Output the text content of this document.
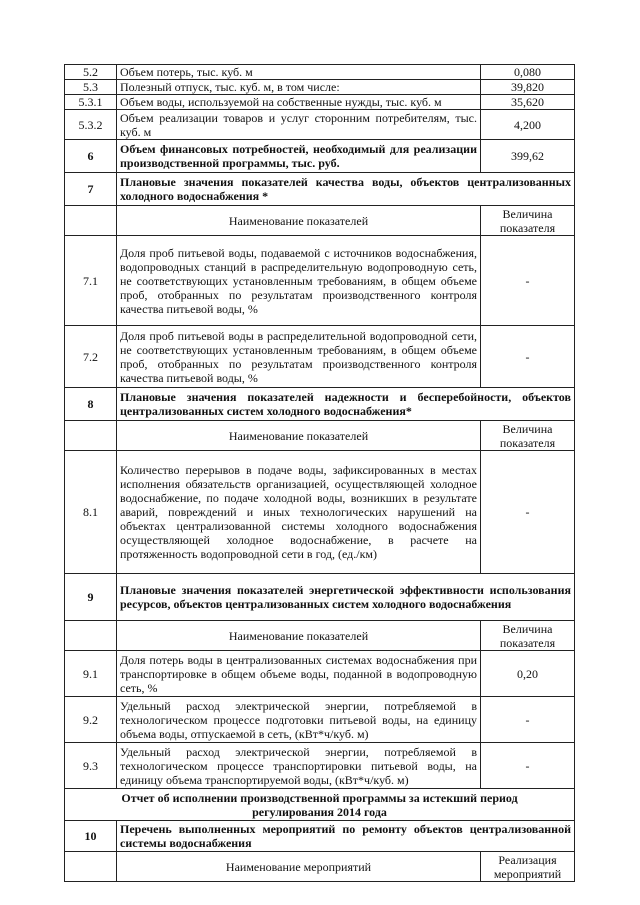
5.2	Объем потерь, тыс. куб. м	0,080
5.3	Полезный отпуск, тыс. куб. м, в том числе:	39,820
5.3.1	Объем воды, используемой на собственные нужды, тыс. куб. м	35,620
5.3.2	Объем реализации товаров и услуг сторонним потребителям, тыс. куб. м	4,200
6	Объем финансовых потребностей, необходимый для реализации производственной программы, тыс. руб.	399,62
7	Плановые значения показателей качества воды, объектов централизованных холодного водоснабжения *	
	Наименование показателей	Величина показателя
7.1	Доля проб питьевой воды, подаваемой с источников водоснабжения, водопроводных станций в распределительную водопроводную сеть, не соответствующих установленным требованиям, в общем объеме проб, отобранных по результатам производственного контроля качества питьевой воды, %	-
7.2	Доля проб питьевой воды в распределительной водопроводной сети, не соответствующих установленным требованиям, в общем объеме проб, отобранных по результатам производственного контроля качества питьевой воды, %	-
8	Плановые значения показателей надежности и бесперебойности, объектов централизованных систем холодного водоснабжения*	
	Наименование показателей	Величина показателя
8.1	Количество перерывов в подаче воды, зафиксированных в местах исполнения обязательств организацией, осуществляющей холодное водоснабжение, по подаче холодной воды, возникших в результате аварий, повреждений и иных технологических нарушений на объектах централизованной системы холодного водоснабжения осуществляющей холодное водоснабжение, в расчете на протяженность водопроводной сети в год, (ед./км)	-
9	Плановые значения показателей энергетической эффективности использования ресурсов, объектов централизованных систем холодного водоснабжения	
	Наименование показателей	Величина показателя
9.1	Доля потерь воды в централизованных системах водоснабжения при транспортировке в общем объеме воды, поданной в водопроводную сеть, %	0,20
9.2	Удельный расход электрической энергии, потребляемой в технологическом процессе подготовки питьевой воды, на единицу объема воды, отпускаемой в сеть, (кВт*ч/куб. м)	-
9.3	Удельный расход электрической энергии, потребляемой в технологическом процессе транспортировки питьевой воды, на единицу объема транспортируемой воды, (кВт*ч/куб. м)	-
Отчет об исполнении производственной программы за истекший период регулирования 2014 года		
10	Перечень выполненных мероприятий по ремонту объектов централизованной системы водоснабжения	
	Наименование мероприятий	Реализация мероприятий
